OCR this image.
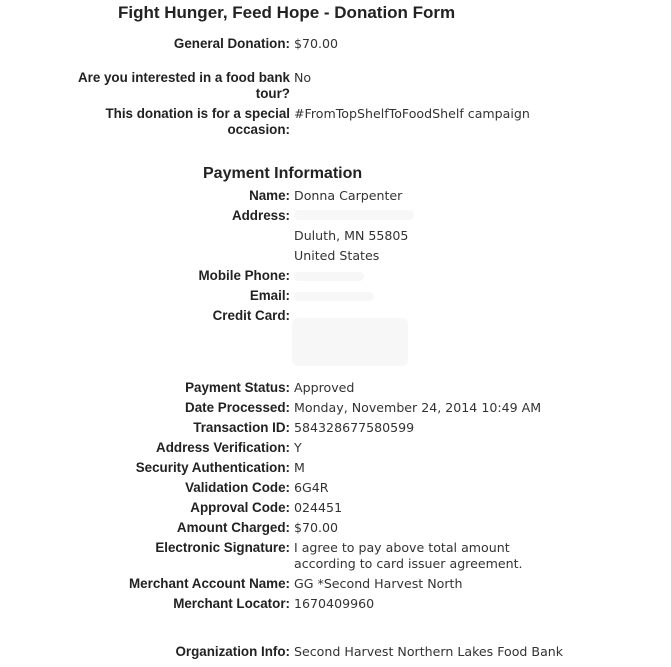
Fight Hunger, Feed Hope - Donation Form
General Donation: $70.00
Are you interested in a food bank
tour?
No
This donation is for a special
occasion:
#FromTopShelfToFoodShelf campaign
Payment Information
Name: Donna Carpenter
Address:
Duluth, MN 55805
United States
Mobile Phone:
Email:
Credit Card:
Payment Status: Approved
Date Processed: Monday, November 24, 2014 10:49 AM
Transaction ID: 584328677580599
Address Verification: Y
Security Authentication: M
Validation Code: 6G4R
Approval Code: 024451
Amount Charged: $70.00
Electronic Signature: I agree to pay above total amount
according to card issuer agreement.
Merchant Account Name: GG *Second Harvest North
Merchant Locator: 1670409960
Organization Info: Second Harvest Northern Lakes Food Bank
